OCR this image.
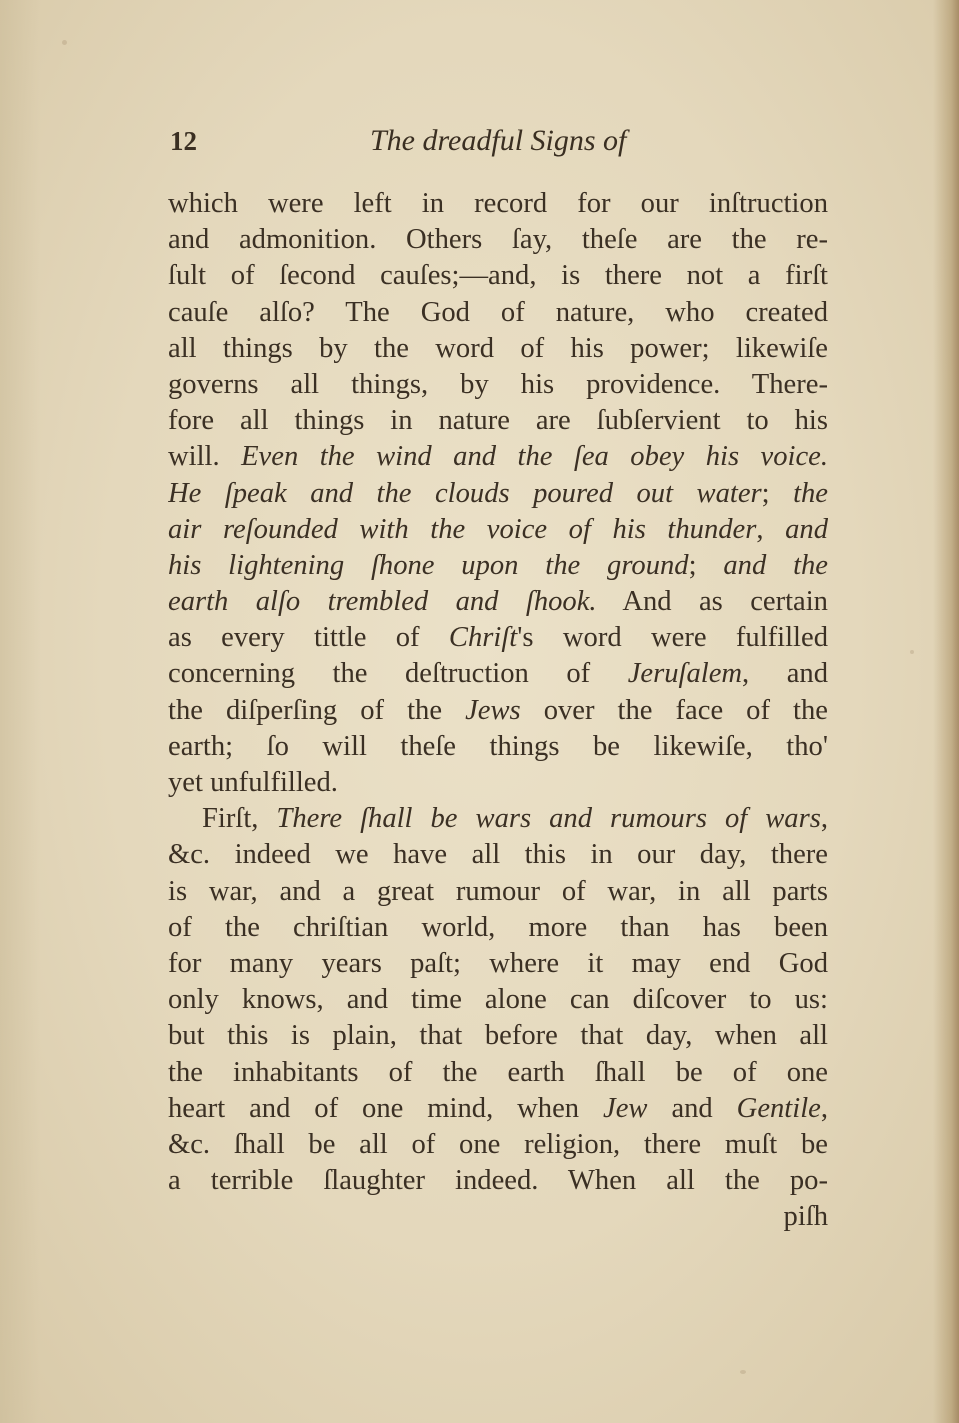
12	The dreadful Signs of
which were left in record for our inſtruction
and admonition. Others ſay, theſe are the re-
ſult of ſecond cauſes;—and, is there not a firſt
cauſe alſo? The God of nature, who created
all things by the word of his power; likewiſe
governs all things, by his providence. There-
fore all things in nature are ſubſervient to his
will. Even the wind and the ſea obey his voice.
He ſpeak and the clouds poured out water; the
air reſounded with the voice of his thunder, and
his lightening ſhone upon the ground; and the
earth alſo trembled and ſhook. And as certain
as every tittle of Chriſt's word were fulfilled
concerning the deſtruction of Jeruſalem, and
the diſperſing of the Jews over the face of the
earth; ſo will theſe things be likewiſe, tho'
yet unfulfilled.
Firſt, There ſhall be wars and rumours of wars,
&c. indeed we have all this in our day, there
is war, and a great rumour of war, in all parts
of the chriſtian world, more than has been
for many years paſt; where it may end God
only knows, and time alone can diſcover to us:
but this is plain, that before that day, when all
the inhabitants of the earth ſhall be of one
heart and of one mind, when Jew and Gentile,
&c. ſhall be all of one religion, there muſt be
a terrible ſlaughter indeed. When all the po-
piſh
